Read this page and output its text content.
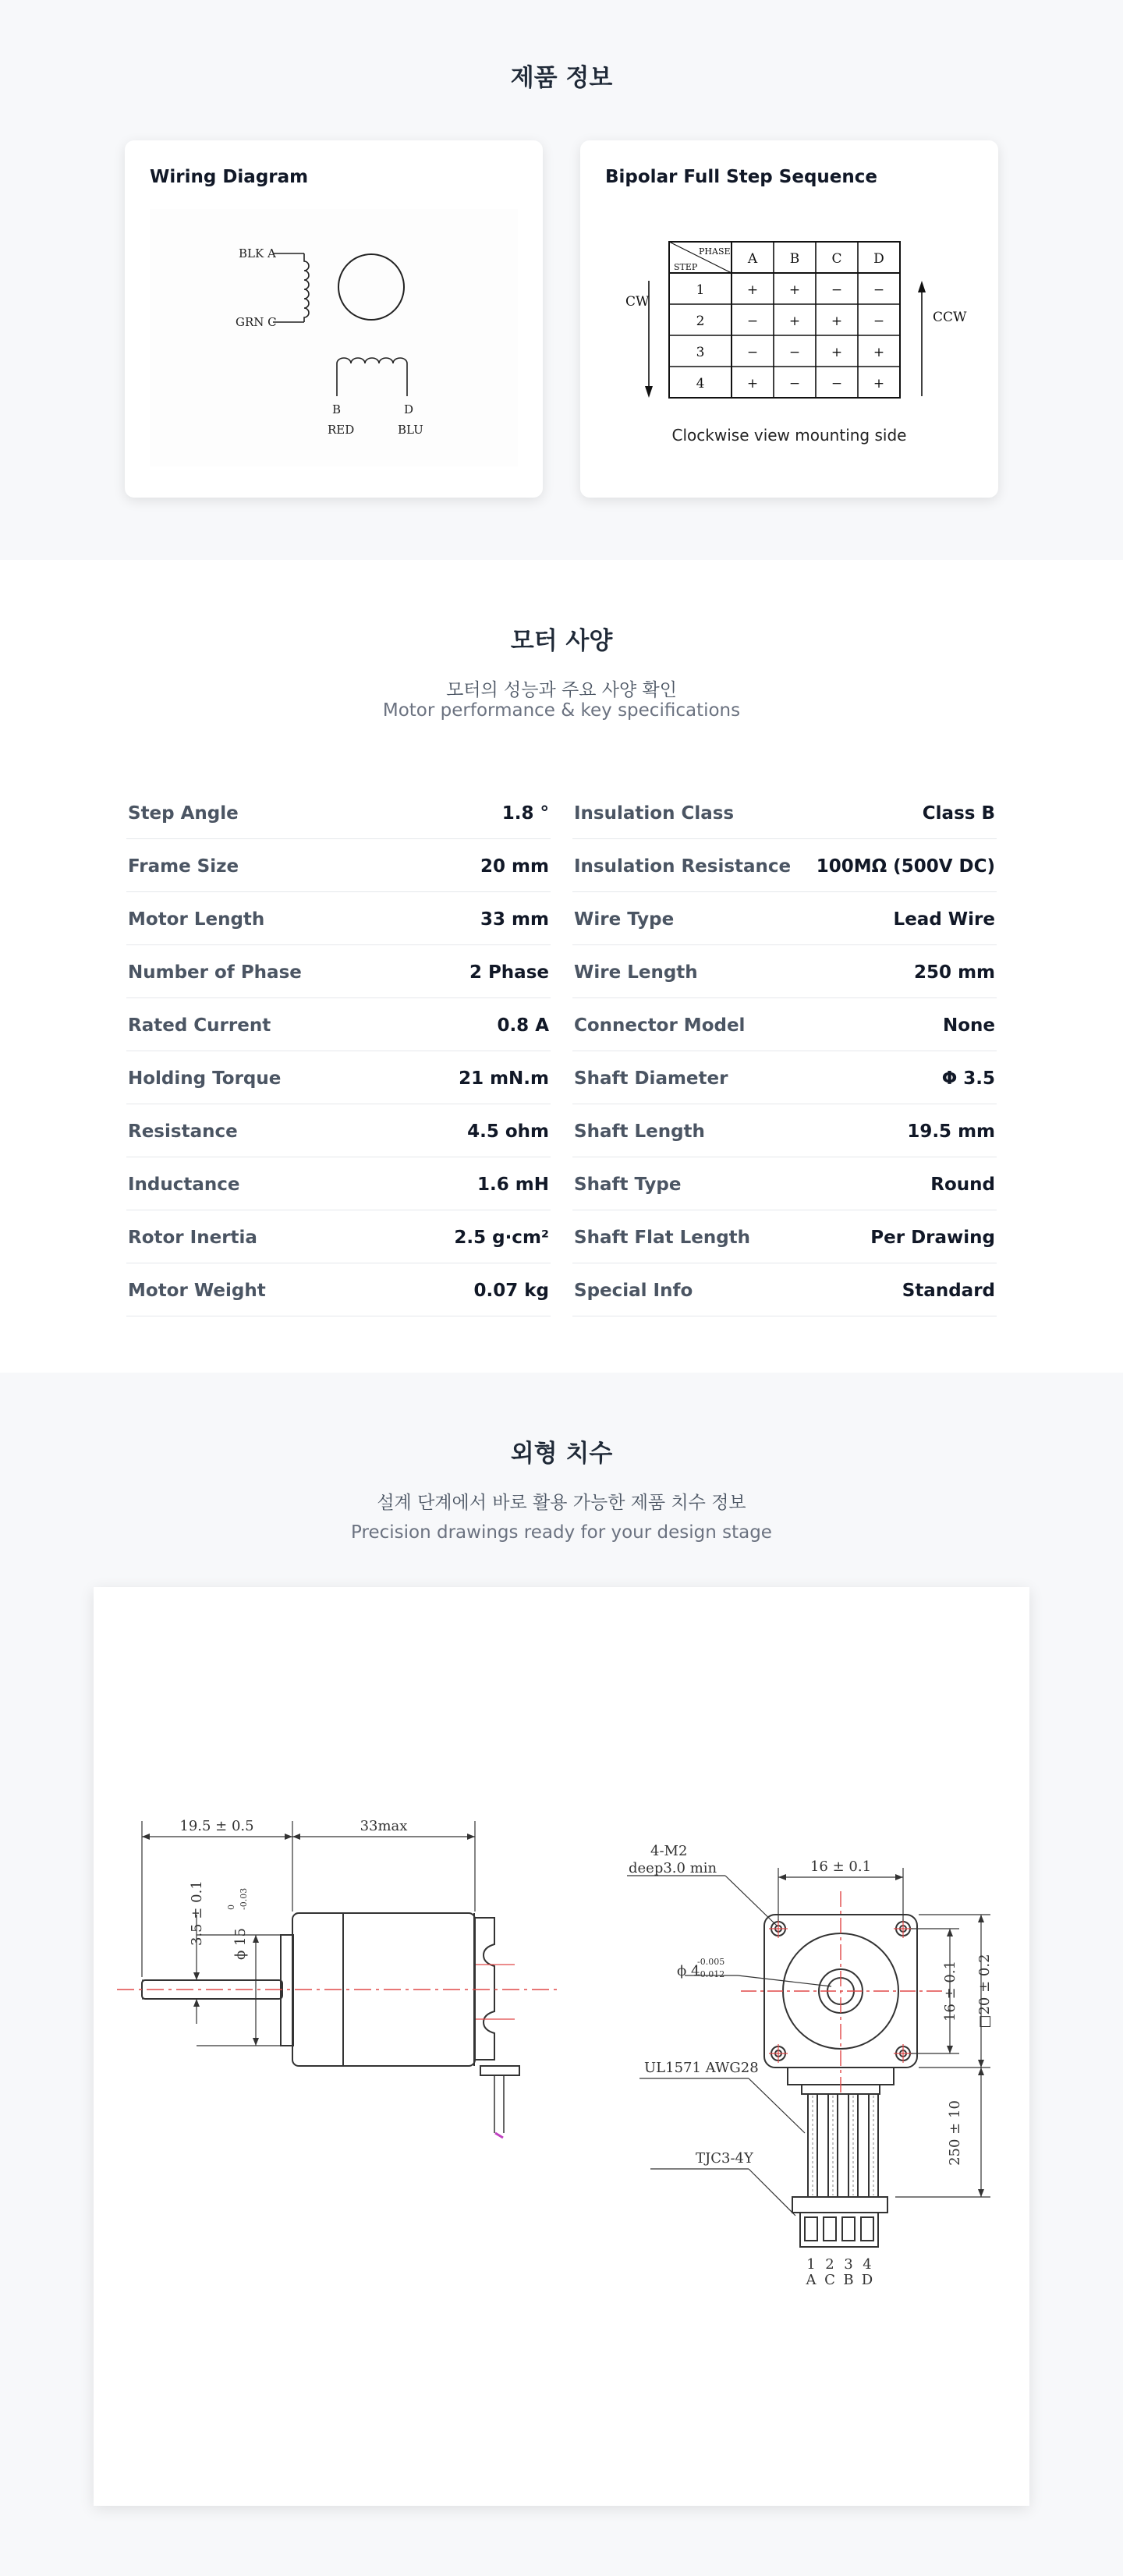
제품 정보
Wiring Diagram
BLK A
GRN C
B	D
RED	BLU
Bipolar Full Step Sequence
PHASE
STEP
A B C D
1	+ + − −
2	− + + −
3	− − + +
4	+ − − +
CW
CCW
Clockwise view mounting side
모터 사양

모터의 성능과 주요 사양 확인

Motor performance & key specifications

Step Angle	1.8 °
Frame Size	20 mm
Motor Length	33 mm
Number of Phase	2 Phase
Rated Current	0.8 A
Holding Torque	21 mN.m
Resistance	4.5 ohm
Inductance	1.6 mH
Rotor Inertia	2.5 g·cm²
Motor Weight	0.07 kg
Insulation Class	Class B
Insulation Resistance 100MΩ (500V DC)
Wire Type	Lead Wire
Wire Length	250 mm
Connector Model	None
Shaft Diameter	Φ 3.5
Shaft Length	19.5 mm
Shaft Type	Round
Shaft Flat Length	Per Drawing
Special Info	Standard
외형 치수

설계 단계에서 바로 활용 가능한 제품 치수 정보

Precision drawings ready for your design stage

19.5 ± 0.5	33max
3.5 ± 0.1 ϕ 15
0 -0.03
4-M2
deep3.0 min	16 ± 0.1
ϕ 4
-0.005
-0.012	16 ± 0.1 □20 ± 0.2
250 ± 10
UL1571 AWG28
TJC3-4Y
1 2 3 4
A C B D
